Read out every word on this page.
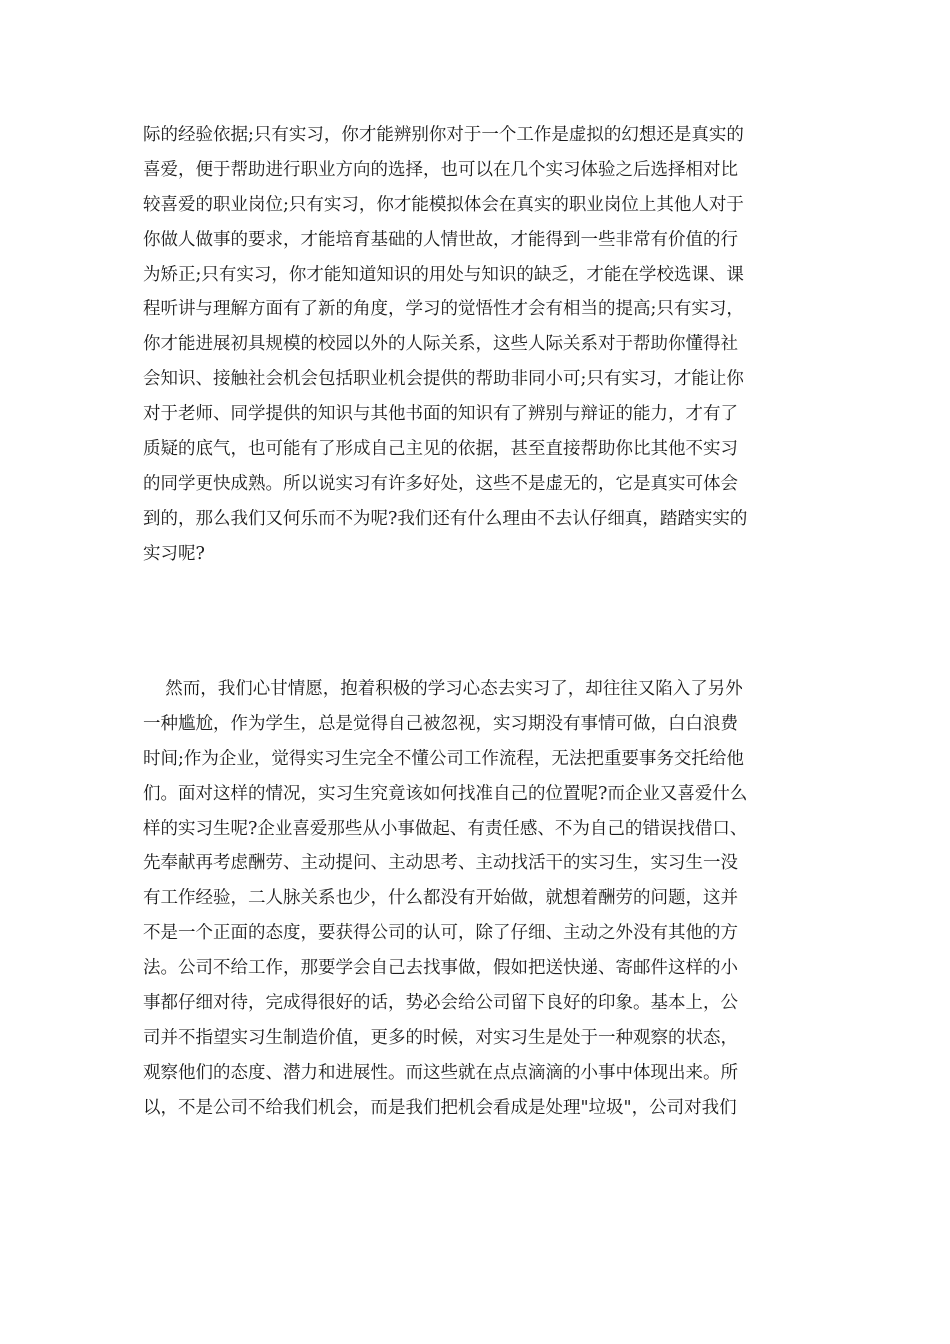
际的经验依据;只有实习，你才能辨别你对于一个工作是虚拟的幻想还是真实的
喜爱，便于帮助进行职业方向的选择，也可以在几个实习体验之后选择相对比
较喜爱的职业岗位;只有实习，你才能模拟体会在真实的职业岗位上其他人对于
你做人做事的要求，才能培育基础的人情世故，才能得到一些非常有价值的行
为矫正;只有实习，你才能知道知识的用处与知识的缺乏，才能在学校选课、课
程听讲与理解方面有了新的角度，学习的觉悟性才会有相当的提高;只有实习，
你才能进展初具规模的校园以外的人际关系，这些人际关系对于帮助你懂得社
会知识、接触社会机会包括职业机会提供的帮助非同小可;只有实习，才能让你
对于老师、同学提供的知识与其他书面的知识有了辨别与辩证的能力，才有了
质疑的底气，也可能有了形成自己主见的依据，甚至直接帮助你比其他不实习
的同学更快成熟。所以说实习有许多好处，这些不是虚无的，它是真实可体会
到的，那么我们又何乐而不为呢?我们还有什么理由不去认仔细真，踏踏实实的
实习呢?

然而，我们心甘情愿，抱着积极的学习心态去实习了，却往往又陷入了另外
一种尴尬，作为学生，总是觉得自己被忽视，实习期没有事情可做，白白浪费
时间;作为企业，觉得实习生完全不懂公司工作流程，无法把重要事务交托给他
们。面对这样的情况，实习生究竟该如何找准自己的位置呢?而企业又喜爱什么
样的实习生呢?企业喜爱那些从小事做起、有责任感、不为自己的错误找借口、
先奉献再考虑酬劳、主动提问、主动思考、主动找活干的实习生，实习生一没
有工作经验，二人脉关系也少，什么都没有开始做，就想着酬劳的问题，这并
不是一个正面的态度，要获得公司的认可，除了仔细、主动之外没有其他的方
法。公司不给工作，那要学会自己去找事做，假如把送快递、寄邮件这样的小
事都仔细对待，完成得很好的话，势必会给公司留下良好的印象。基本上，公
司并不指望实习生制造价值，更多的时候，对实习生是处于一种观察的状态，
观察他们的态度、潜力和进展性。而这些就在点点滴滴的小事中体现出来。所
以，不是公司不给我们机会，而是我们把机会看成是处理"垃圾"，公司对我们
